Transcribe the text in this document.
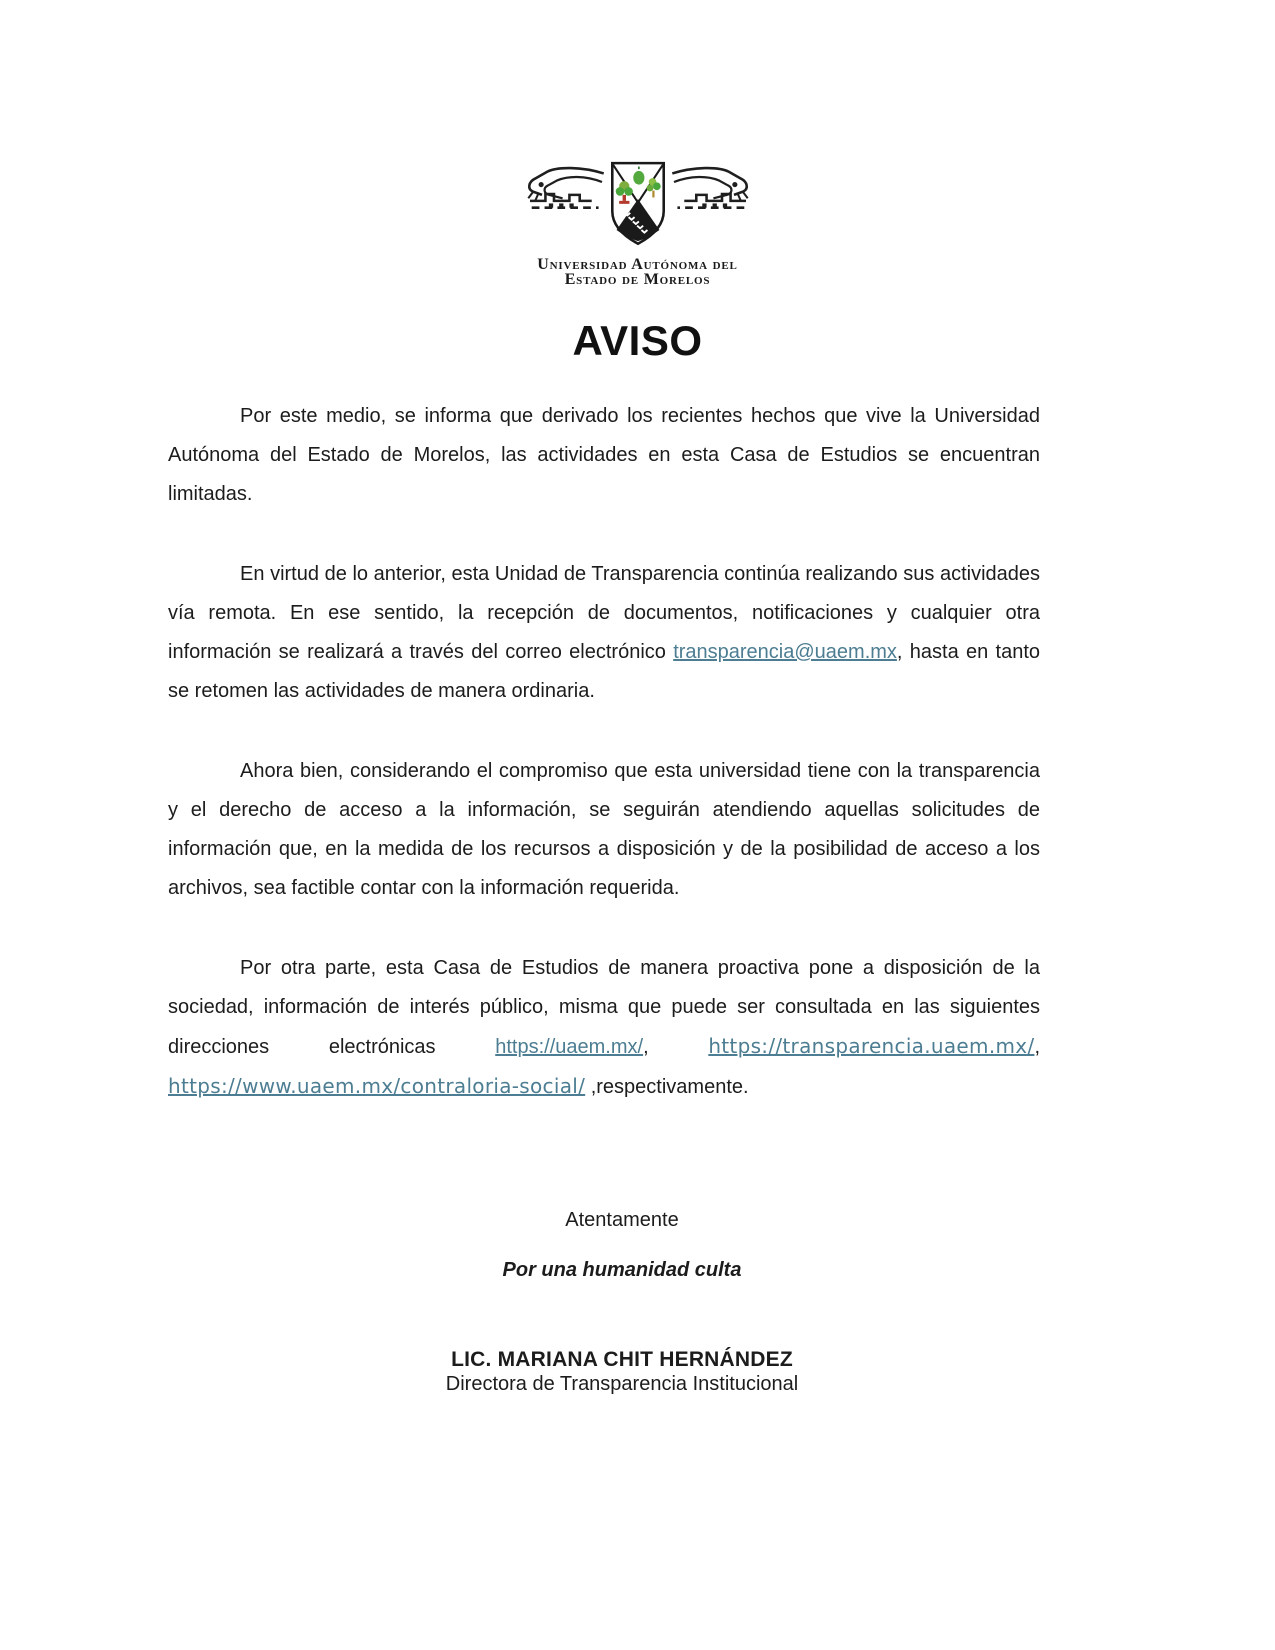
Universidad Autónoma del
Estado de Morelos
AVISO

Por este medio, se informa que derivado los recientes hechos que vive la Universidad Autónoma del Estado de Morelos, las actividades en esta Casa de Estudios se encuentran limitadas.

En virtud de lo anterior, esta Unidad de Transparencia continúa realizando sus actividades vía remota. En ese sentido, la recepción de documentos, notificaciones y cualquier otra información se realizará a través del correo electrónico transparencia@uaem.mx, hasta en tanto se retomen las actividades de manera ordinaria.

Ahora bien, considerando el compromiso que esta universidad tiene con la transparencia y el derecho de acceso a la información, se seguirán atendiendo aquellas solicitudes de información que, en la medida de los recursos a disposición y de la posibilidad de acceso a los archivos, sea factible contar con la información requerida.

Por otra parte, esta Casa de Estudios de manera proactiva pone a disposición de la sociedad, información de interés público, misma que puede ser consultada en las siguientes direcciones electrónicas https://uaem.mx/, https://transparencia.uaem.mx/, https://www.uaem.mx/contraloria-social/ ,respectivamente.

Atentamente
Por una humanidad culta
LIC. MARIANA CHIT HERNÁNDEZ
Directora de Transparencia Institucional
